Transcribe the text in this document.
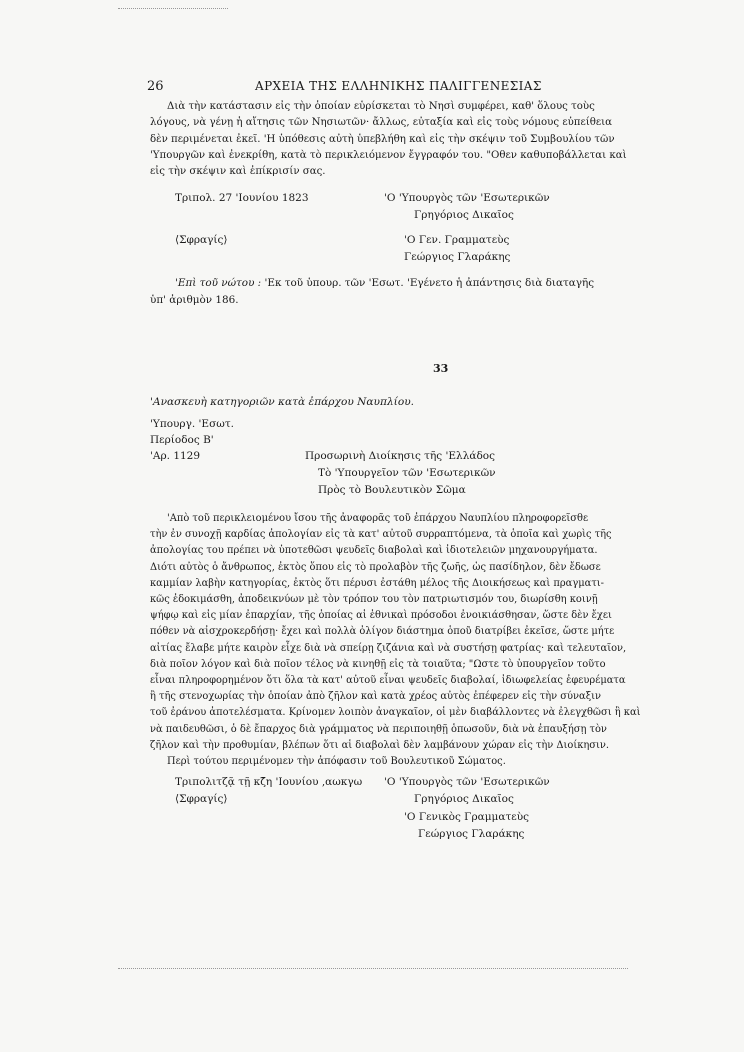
26	ΑΡΧΕΙΑ ΤΗΣ ΕΛΛΗΝΙΚΗΣ ΠΑΛΙΓΓΕΝΕΣΙΑΣ
Διὰ τὴν κατάστασιν εἰς τὴν ὁποίαν εὑρίσκεται τὸ Νησὶ συμφέρει, καθ' ὅλους τοὺς
λόγους, νὰ γένῃ ἡ αἴτησις τῶν Νησιωτῶν· ἄλλως, εὐταξία καὶ εἰς τοὺς νόμους εὐπείθεια
δὲν περιμένεται ἐκεῖ. 'Η ὑπόθεσις αὐτὴ ὑπεβλήθη καὶ εἰς τὴν σκέψιν τοῦ Συμβουλίου τῶν
'Υπουργῶν καὶ ἐνεκρίθη, κατὰ τὸ περικλειόμενον ἔγγραφόν του. "Οθεν καθυποβάλλεται καὶ
εἰς τὴν σκέψιν καὶ ἐπίκρισίν σας.
Τριπολ. 27 'Ιουνίου 1823	'Ο 'Υπουργὸς τῶν 'Εσωτερικῶν
Γρηγόριος Δικαῖος
⟨Σφραγίς⟩	'Ο Γεν. Γραμματεὺς
Γεώργιος Γλαράκης
'Επὶ τοῦ νώτου : 'Εκ τοῦ ὑπουρ. τῶν 'Εσωτ. 'Εγένετο ἡ ἀπάντησις διὰ διαταγῆς
ὑπ' ἀριθμὸν 186.
33
'Ανασκευὴ κατηγοριῶν κατὰ ἐπάρχου Ναυπλίου.
'Υπουργ. 'Εσωτ.
Περίοδος Β'
'Αρ. 1129	Προσωρινὴ Διοίκησις τῆς 'Ελλάδος
Τὸ 'Υπουργεῖον τῶν 'Εσωτερικῶν
Πρὸς τὸ Βουλευτικὸν Σῶμα
'Απὸ τοῦ περικλειομένου ἴσου τῆς ἀναφορᾶς τοῦ ἐπάρχου Ναυπλίου πληροφορεῖσθε
τὴν ἐν συνοχῇ καρδίας ἀπολογίαν εἰς τὰ κατ' αὐτοῦ συρραπτόμενα, τὰ ὁποῖα καὶ χωρὶς τῆς
ἀπολογίας του πρέπει νὰ ὑποτεθῶσι ψευδεῖς διαβολαὶ καὶ ἰδιοτελειῶν μηχανουργήματα.
Διότι αὐτὸς ὁ ἄνθρωπος, ἐκτὸς ὅπου εἰς τὸ προλαβὸν τῆς ζωῆς, ὡς πασίδηλον, δὲν ἔδωσε
καμμίαν λαβὴν κατηγορίας, ἐκτὸς ὅτι πέρυσι ἐστάθη μέλος τῆς Διοικήσεως καὶ πραγματι-
κῶς ἐδοκιμάσθη, ἀποδεικνύων μὲ τὸν τρόπον του τὸν πατριωτισμόν του, διωρίσθη κοινῇ
ψήφῳ καὶ εἰς μίαν ἐπαρχίαν, τῆς ὁποίας αἱ ἐθνικαὶ πρόσοδοι ἐνοικιάσθησαν, ὥστε δὲν ἔχει
πόθεν νὰ αἰσχροκερδήσῃ· ἔχει καὶ πολλὰ ὀλίγον διάστημα ὁποῦ διατρίβει ἐκεῖσε, ὥστε μήτε
αἰτίας ἔλαβε μήτε καιρὸν εἶχε διὰ νὰ σπείρῃ ζιζάνια καὶ νὰ συστήσῃ φατρίας· καὶ τελευταῖον,
διὰ ποῖον λόγον καὶ διὰ ποῖον τέλος νὰ κινηθῇ εἰς τὰ τοιαῦτα; "Ωστε τὸ ὑπουργεῖον τοῦτο
εἶναι πληροφορημένον ὅτι ὅλα τὰ κατ' αὐτοῦ εἶναι ψευδεῖς διαβολαί, ἰδιωφελείας ἐφευρέματα
ἢ τῆς στενοχωρίας τὴν ὁποίαν ἀπὸ ζῆλον καὶ κατὰ χρέος αὐτὸς ἐπέφερεν εἰς τὴν σύναξιν
τοῦ ἐράνου ἀποτελέσματα. Κρίνομεν λοιπὸν ἀναγκαῖον, οἱ μὲν διαβάλλοντες νὰ ἐλεγχθῶσι ἢ καὶ
νὰ παιδευθῶσι, ὁ δὲ ἔπαρχος διὰ γράμματος νὰ περιποιηθῇ ὁπωσοῦν, διὰ νὰ ἐπαυξήσῃ τὸν
ζῆλον καὶ τὴν προθυμίαν, βλέπων ὅτι αἱ διαβολαὶ δὲν λαμβάνουν χώραν εἰς τὴν Διοίκησιν.
Περὶ τούτου περιμένομεν τὴν ἀπόφασιν τοῦ Βουλευτικοῦ Σώματος.
Τριπολιτζᾷ τῇ κζ̄η 'Ιουνίου ,αωκγω 'Ο 'Υπουργὸς τῶν 'Εσωτερικῶν
⟨Σφραγίς⟩	Γρηγόριος Δικαῖος
'Ο Γενικὸς Γραμματεὺς
Γεώργιος Γλαράκης
